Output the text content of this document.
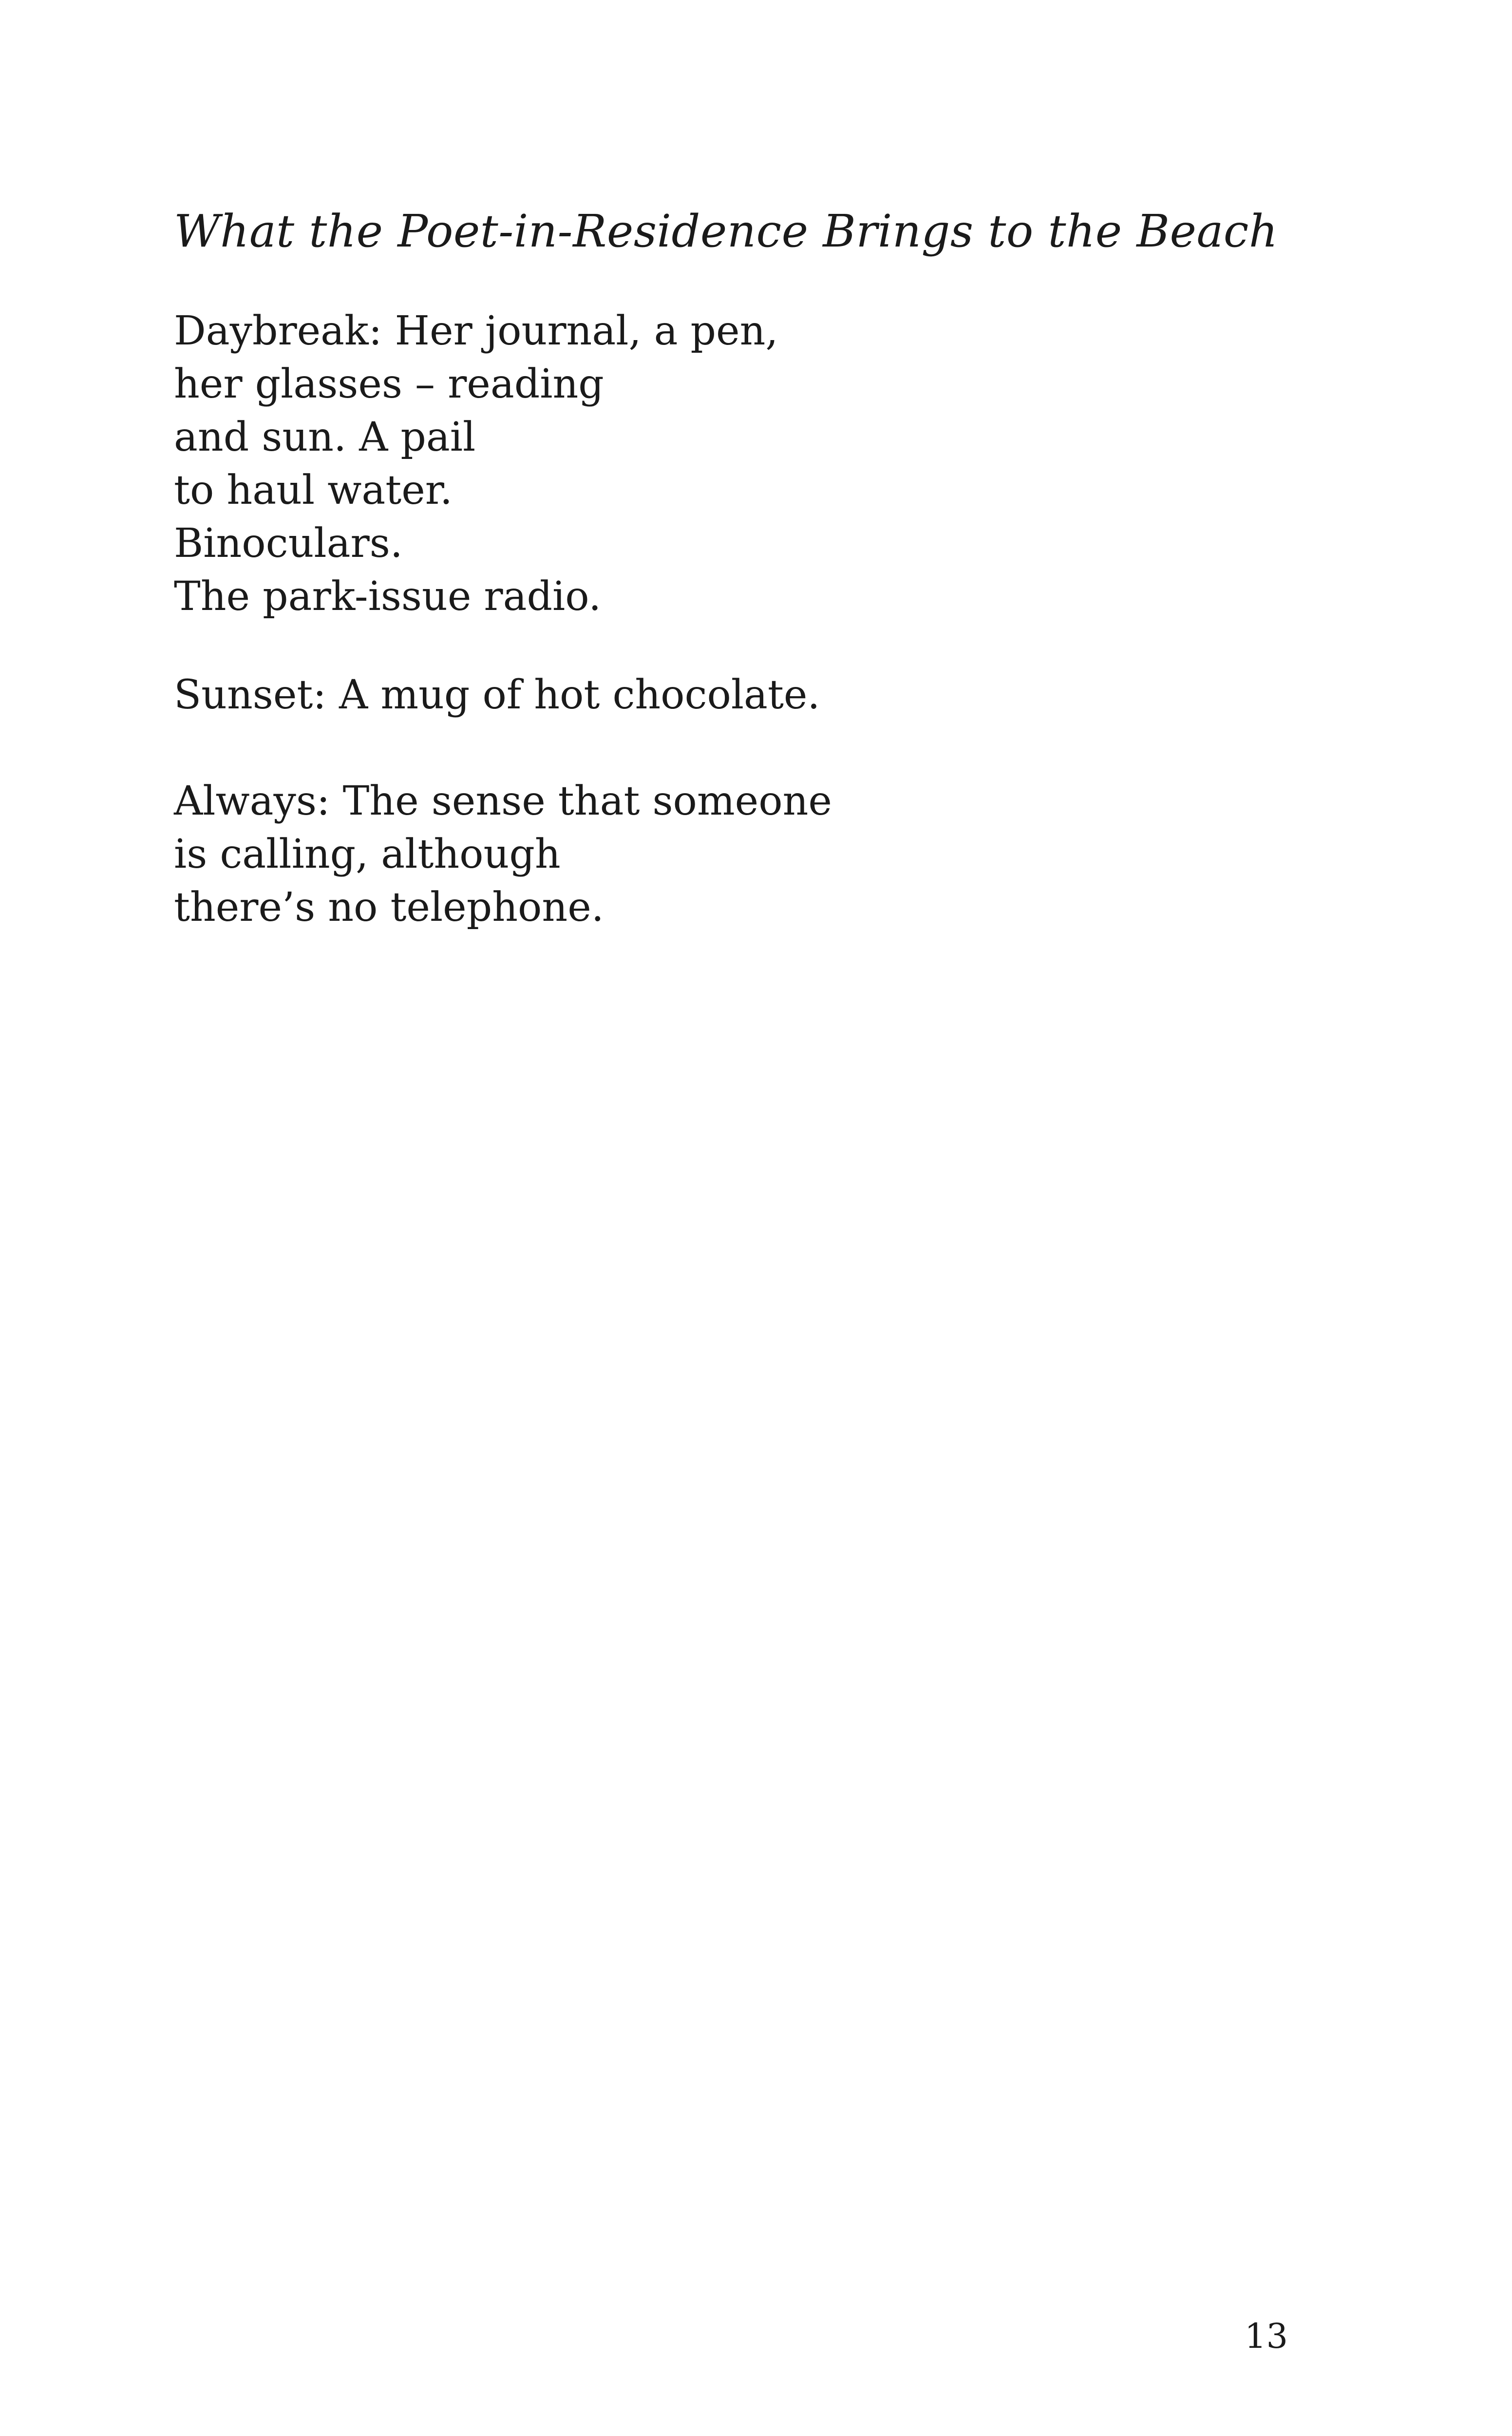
What the Poet-in-Residence Brings to the Beach
Daybreak: Her journal, a pen,
her glasses – reading
and sun. A pail
to haul water.
Binoculars.
The park-issue radio.
Sunset: A mug of hot chocolate.
Always: The sense that someone
is calling, although
there’s no telephone.
13
